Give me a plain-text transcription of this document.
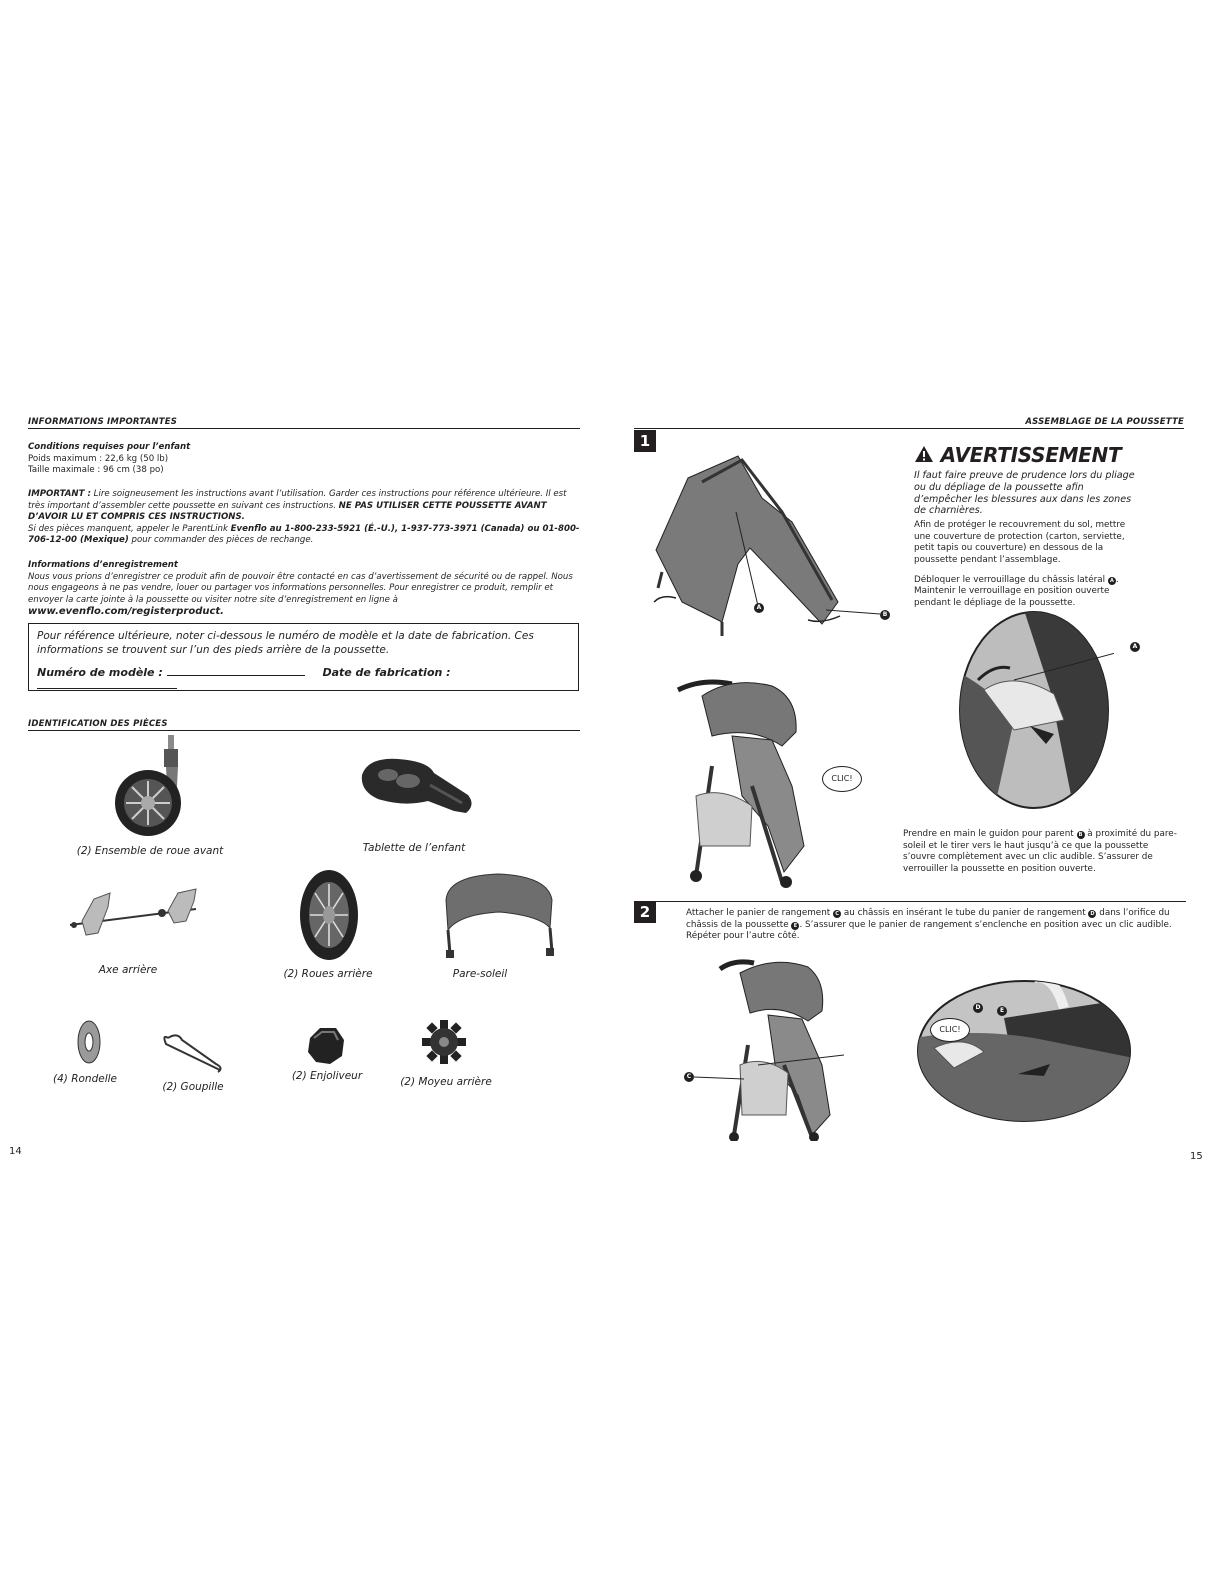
INFORMATIONS IMPORTANTES
Conditions requises pour l’enfant
Poids maximum : 22,6 kg (50 lb)
Taille maximale : 96 cm (38 po)
IMPORTANT : Lire soigneusement les instructions avant l’utilisation. Garder ces instructions pour référence ultérieure. Il est très important d’assembler cette poussette en suivant ces instructions. NE PAS UTILISER CETTE POUSSETTE AVANT D’AVOIR LU ET COMPRIS CES INSTRUCTIONS.
Si des pièces manquent, appeler le ParentLink Evenflo au 1-800-233-5921 (É.-U.), 1-937-773-3971 (Canada) ou 01-800-706-12-00 (Mexique) pour commander des pièces de rechange.
Informations d’enregistrement
Nous vous prions d’enregistrer ce produit afin de pouvoir être contacté en cas d’avertissement de sécurité ou de rappel. Nous nous engageons à ne pas vendre, louer ou partager vos informations personnelles. Pour enregistrer ce produit, remplir et envoyer la carte jointe à la poussette ou visiter notre site d’enregistrement en ligne à www.evenflo.com/registerproduct.
Pour référence ultérieure, noter ci-dessous le numéro de modèle et la date de fabrication. Ces informations se trouvent sur l’un des pieds arrière de la poussette.
Numéro de modèle :	Date de fabrication :
IDENTIFICATION DES PIÈCES
(2) Ensemble de roue avant	Tablette de l’enfant
Axe arrière	(2) Roues arrière	Pare-soleil
(4) Rondelle
(2) Goupille
(2) Enjoliveur	(2) Moyeu arrière
14
ASSEMBLAGE DE LA POUSSETTE
1
A
B
AVERTISSEMENT
Il faut faire preuve de prudence lors du pliage ou du dépliage de la poussette afin d’empêcher les blessures aux dans les zones de charnières.
Afin de protéger le recouvrement du sol, mettre une couverture de protection (carton, serviette, petit tapis ou couverture) en dessous de la poussette pendant l’assemblage.
Débloquer le verrouillage du châssis latéral A . Maintenir le verrouillage en position ouverte pendant le dépliage de la poussette.
A
CLIC!
Prendre en main le guidon pour parent B à proximité du pare-soleil et le tirer vers le haut jusqu’à ce que la poussette s’ouvre complètement avec un clic audible. S’assurer de verrouiller la poussette en position ouverte.
2	Attacher le panier de rangement C au châssis en insérant le tube du panier de rangement D dans l’orifice du châssis de la poussette E . S’assurer que le panier de rangement s’enclenche en position avec un clic audible. Répéter pour l’autre côté.
C
CLIC!
D	E
15
